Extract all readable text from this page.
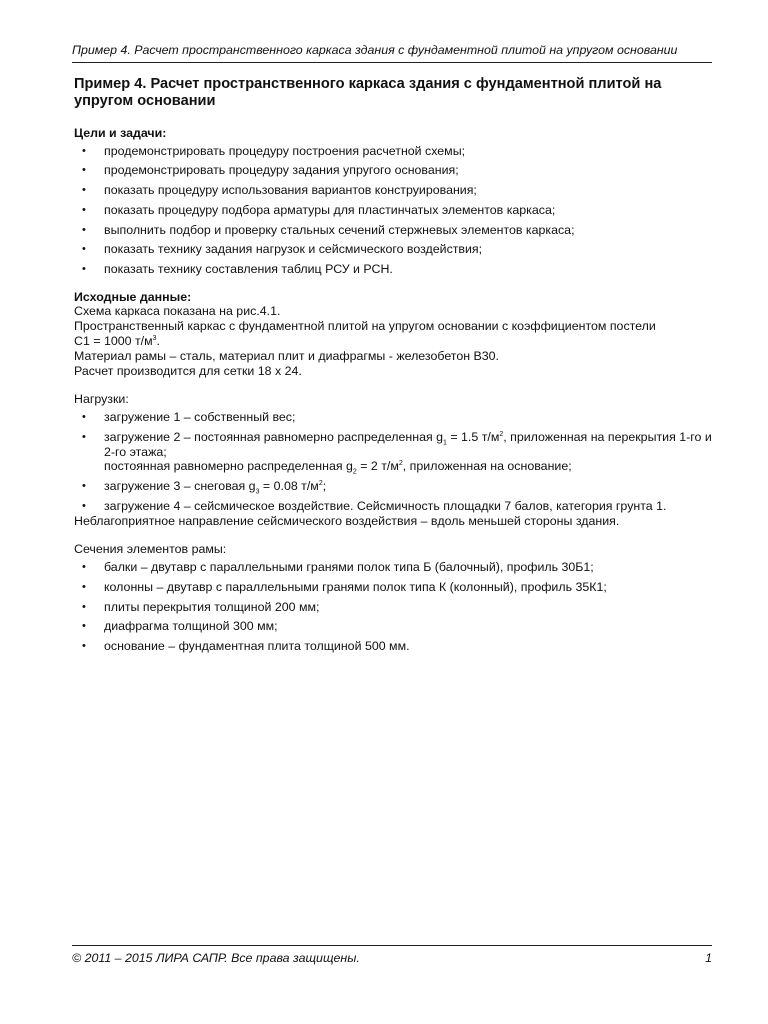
Пример 4. Расчет пространственного каркаса здания с фундаментной плитой на упругом основании
Пример 4. Расчет пространственного каркаса здания с фундаментной плитой на упругом основании

Цели и задачи:

• продемонстрировать процедуру построения расчетной схемы;
• продемонстрировать процедуру задания упругого основания;
• показать процедуру использования вариантов конструирования;
• показать процедуру подбора арматуры для пластинчатых элементов каркаса;
• выполнить подбор и проверку стальных сечений стержневых элементов каркаса;
• показать технику задания нагрузок и сейсмического воздействия;
• показать технику составления таблиц РСУ и РСН.

Исходные данные:

Схема каркаса показана на рис.4.1.

Пространственный каркас с фундаментной плитой на упругом основании с коэффициентом постели

С1 = 1000 $т/м^3$.

Материал рамы – сталь, материал плит и диафрагмы - железобетон В30.

Расчет производится для сетки 18 х 24.

Нагрузки:

• загружение 1 – собственный вес;
• загружение 2 – постоянная равномерно распределенная $g_1 = 1.5$ $т/м^2$, приложенная на перекрытия 1-го и 2-го этажа;
постоянная равномерно распределенная $g_2 = 2$ $т/м^2$, приложенная на основание;
• загружение 3 – снеговая $g_3 = 0.08$ $т/м^2$;
• загружение 4 – сейсмическое воздействие. Сейсмичность площадки 7 балов, категория грунта 1.

Неблагоприятное направление сейсмического воздействия – вдоль меньшей стороны здания.

Сечения элементов рамы:

• балки – двутавр с параллельными гранями полок типа Б (балочный), профиль 30Б1;
• колонны – двутавр с параллельными гранями полок типа К (колонный), профиль 35К1;
• плиты перекрытия толщиной 200 мм;
• диафрагма толщиной 300 мм;
• основание – фундаментная плита толщиной 500 мм.
© 2011 – 2015 ЛИРА САПР. Все права защищены.	1
